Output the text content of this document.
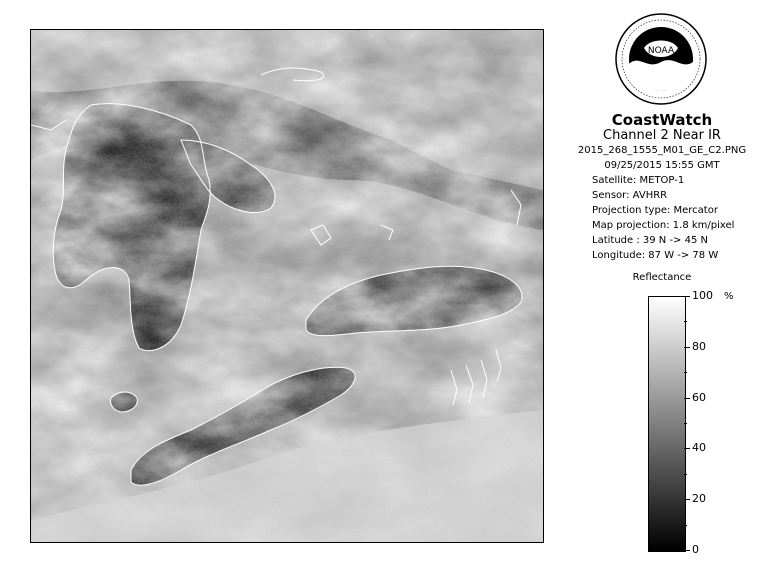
NOAA
CoastWatch
Channel 2 Near IR
2015_268_1555_M01_GE_C2.PNG
09/25/2015 15:55 GMT
Satellite: METOP-1
Sensor: AVHRR
Projection type: Mercator
Map projection: 1.8 km/pixel
Latitude : 39 N -> 45 N
Longitude: 87 W -> 78 W
Reflectance
%
100
80
60
40
20
0
